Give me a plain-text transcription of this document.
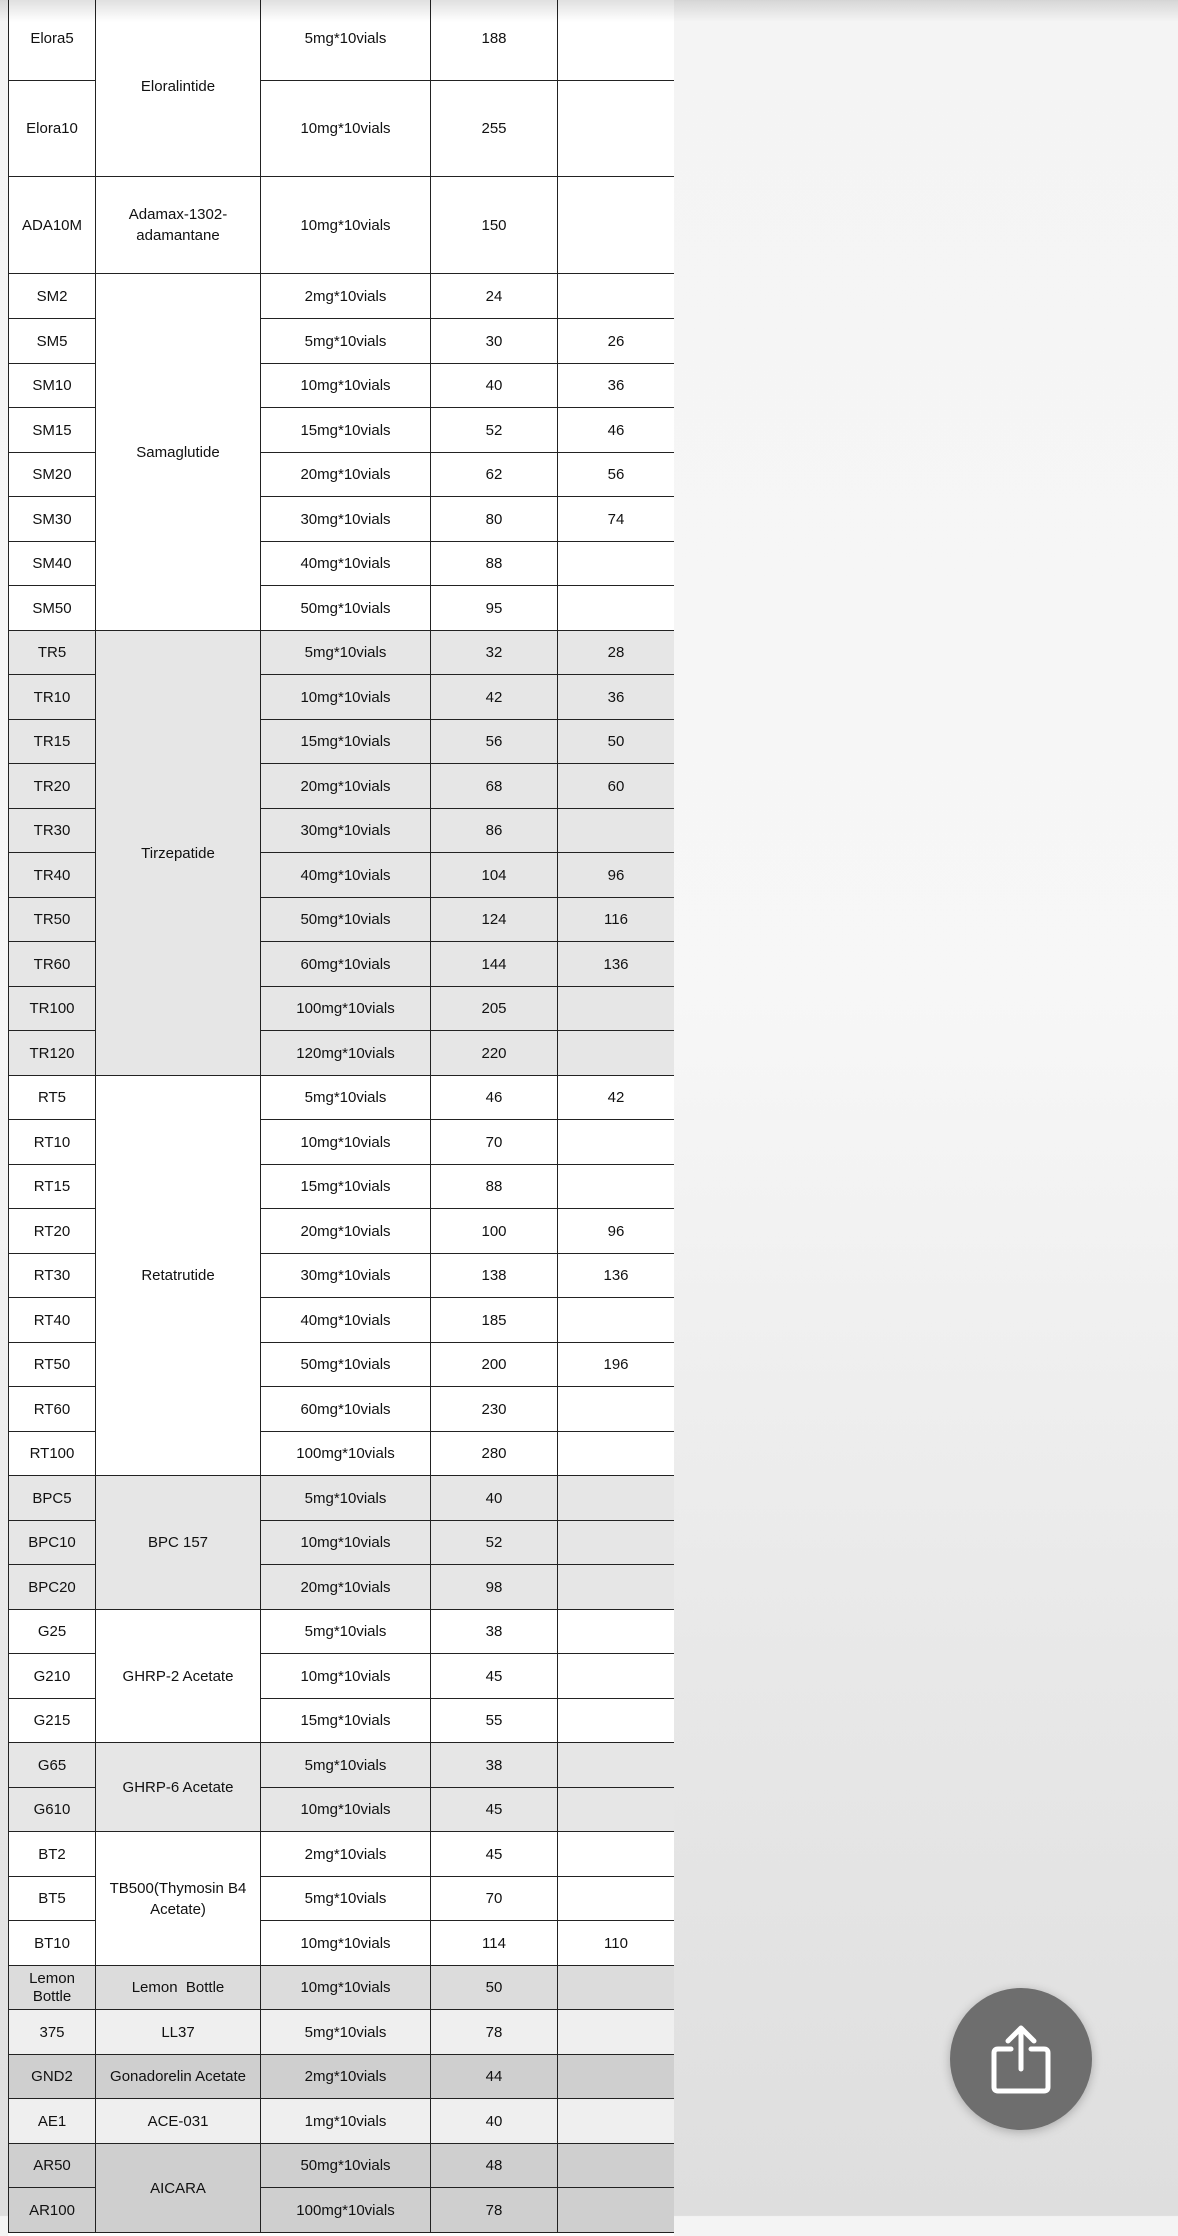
Elora5	Eloralintide	5mg*10vials	188	
Elora10		10mg*10vials	255	
ADA10M	Adamax-1302-adamantane	10mg*10vials	150	
SM2	Samaglutide	2mg*10vials	24	
SM5		5mg*10vials	30	26
SM10		10mg*10vials	40	36
SM15		15mg*10vials	52	46
SM20		20mg*10vials	62	56
SM30		30mg*10vials	80	74
SM40		40mg*10vials	88	
SM50		50mg*10vials	95	
TR5	Tirzepatide	5mg*10vials	32	28
TR10		10mg*10vials	42	36
TR15		15mg*10vials	56	50
TR20		20mg*10vials	68	60
TR30		30mg*10vials	86	
TR40		40mg*10vials	104	96
TR50		50mg*10vials	124	116
TR60		60mg*10vials	144	136
TR100		100mg*10vials	205	
TR120		120mg*10vials	220	
RT5	Retatrutide	5mg*10vials	46	42
RT10		10mg*10vials	70	
RT15		15mg*10vials	88	
RT20		20mg*10vials	100	96
RT30		30mg*10vials	138	136
RT40		40mg*10vials	185	
RT50		50mg*10vials	200	196
RT60		60mg*10vials	230	
RT100		100mg*10vials	280	
BPC5	BPC 157	5mg*10vials	40	
BPC10		10mg*10vials	52	
BPC20		20mg*10vials	98	
G25	GHRP-2 Acetate	5mg*10vials	38	
G210		10mg*10vials	45	
G215		15mg*10vials	55	
G65	GHRP-6 Acetate	5mg*10vials	38	
G610		10mg*10vials	45	
BT2	TB500(Thymosin B4 Acetate)	2mg*10vials	45	
BT5		5mg*10vials	70	
BT10		10mg*10vials	114	110
Lemon Bottle	Lemon  Bottle	10mg*10vials	50	
375	LL37	5mg*10vials	78	
GND2	Gonadorelin Acetate	2mg*10vials	44	
AE1	ACE-031	1mg*10vials	40	
AR50	AICARA	50mg*10vials	48	
AR100		100mg*10vials	78	
